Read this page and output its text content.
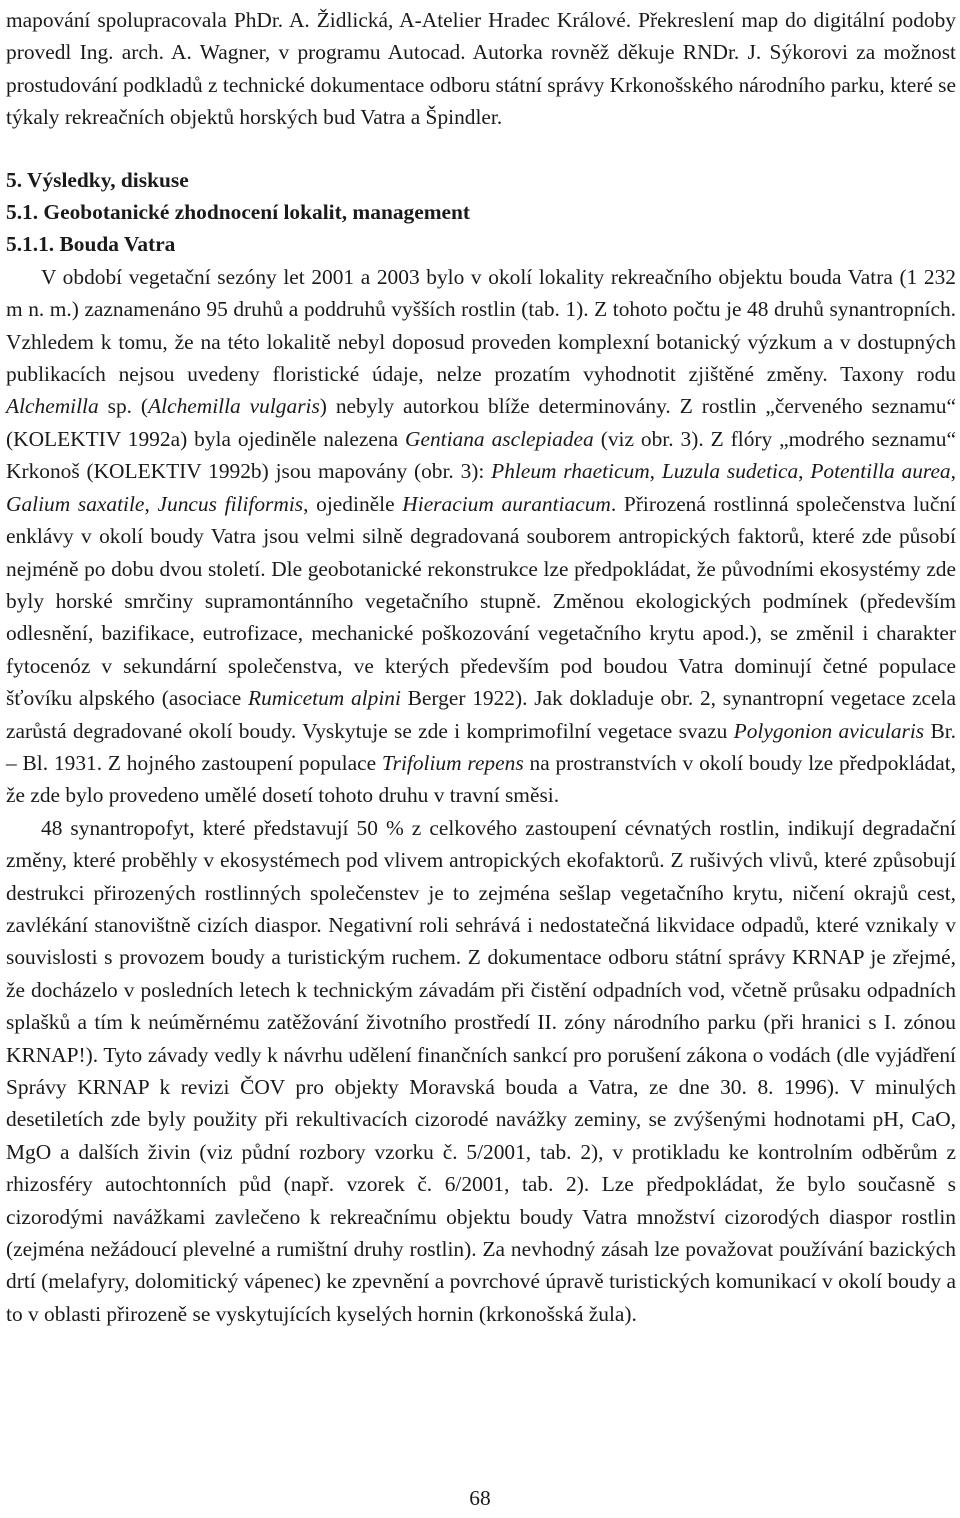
mapování spolupracovala PhDr. A. Židlická, A-Atelier Hradec Králové. Překreslení map do digitální podoby provedl Ing. arch. A. Wagner, v programu Autocad. Autorka rovněž děkuje RNDr. J. Sýkorovi za možnost prostudování podkladů z technické dokumentace odboru státní správy Krkonošského národního parku, které se týkaly rekreačních objektů horských bud Vatra a Špindler.

5. Výsledky, diskuse

5.1. Geobotanické zhodnocení lokalit, management

5.1.1. Bouda Vatra

V období vegetační sezóny let 2001 a 2003 bylo v okolí lokality rekreačního objektu bouda Vatra (1 232 m n. m.) zaznamenáno 95 druhů a poddruhů vyšších rostlin (tab. 1). Z tohoto počtu je 48 druhů synantropních. Vzhledem k tomu, že na této lokalitě nebyl doposud proveden komplexní botanický výzkum a v dostupných publikacích nejsou uvedeny floristické údaje, nelze prozatím vyhodnotit zjištěné změny. Taxony rodu Alchemilla sp. (Alchemilla vulgaris) nebyly autorkou blíže determinovány. Z rostlin „červeného seznamu“ (KOLEKTIV 1992a) byla ojediněle nalezena Gentiana asclepiadea (viz obr. 3). Z flóry „modrého seznamu“ Krkonoš (KOLEKTIV 1992b) jsou mapovány (obr. 3): Phleum rhaeticum, Luzula sudetica, Potentilla aurea, Galium saxatile, Juncus filiformis, ojediněle Hieracium aurantiacum. Přirozená rostlinná společenstva luční enklávy v okolí boudy Vatra jsou velmi silně degradovaná souborem antropických faktorů, které zde působí nejméně po dobu dvou století. Dle geobotanické rekonstrukce lze předpokládat, že původními ekosystémy zde byly horské smrčiny supramontánního vegetačního stupně. Změnou ekologických podmínek (především odlesnění, bazifikace, eutrofizace, mechanické poškozování vegetačního krytu apod.), se změnil i charakter fytocenóz v sekundární společenstva, ve kterých především pod boudou Vatra dominují četné populace šťovíku alpského (asociace Rumicetum alpini Berger 1922). Jak dokladuje obr. 2, synantropní vegetace zcela zarůstá degradované okolí boudy. Vyskytuje se zde i komprimofilní vegetace svazu Polygonion avicularis Br. – Bl. 1931. Z hojného zastoupení populace Trifolium repens na prostranstvích v okolí boudy lze předpokládat, že zde bylo provedeno umělé dosetí tohoto druhu v travní směsi.

48 synantropofyt, které představují 50 % z celkového zastoupení cévnatých rostlin, indikují degradační změny, které proběhly v ekosystémech pod vlivem antropických ekofaktorů. Z rušivých vlivů, které způsobují destrukci přirozených rostlinných společenstev je to zejména sešlap vegetačního krytu, ničení okrajů cest, zavlékání stanovištně cizích diaspor. Negativní roli sehrává i nedostatečná likvidace odpadů, které vznikaly v souvislosti s provozem boudy a turistickým ruchem. Z dokumentace odboru státní správy KRNAP je zřejmé, že docházelo v posledních letech k technickým závadám při čistění odpadních vod, včetně průsaku odpadních splašků a tím k neúměrnému zatěžování životního prostředí II. zóny národního parku (při hranici s I. zónou KRNAP!). Tyto závady vedly k návrhu udělení finančních sankcí pro porušení zákona o vodách (dle vyjádření Správy KRNAP k revizi ČOV pro objekty Moravská bouda a Vatra, ze dne 30. 8. 1996). V minulých desetiletích zde byly použity při rekultivacích cizorodé navážky zeminy, se zvýšenými hodnotami pH, CaO, MgO a dalších živin (viz půdní rozbory vzorku č. 5/2001, tab. 2), v protikladu ke kontrolním odběrům z rhizosféry autochtonních půd (např. vzorek č. 6/2001, tab. 2). Lze předpokládat, že bylo současně s cizorodými navážkami zavlečeno k rekreačnímu objektu boudy Vatra množství cizorodých diaspor rostlin (zejména nežádoucí plevelné a rumištní druhy rostlin). Za nevhodný zásah lze považovat používání bazických drtí (melafyry, dolomitický vápenec) ke zpevnění a povrchové úpravě turistických komunikací v okolí boudy a to v oblasti přirozeně se vyskytujících kyselých hornin (krkonošská žula).

68
